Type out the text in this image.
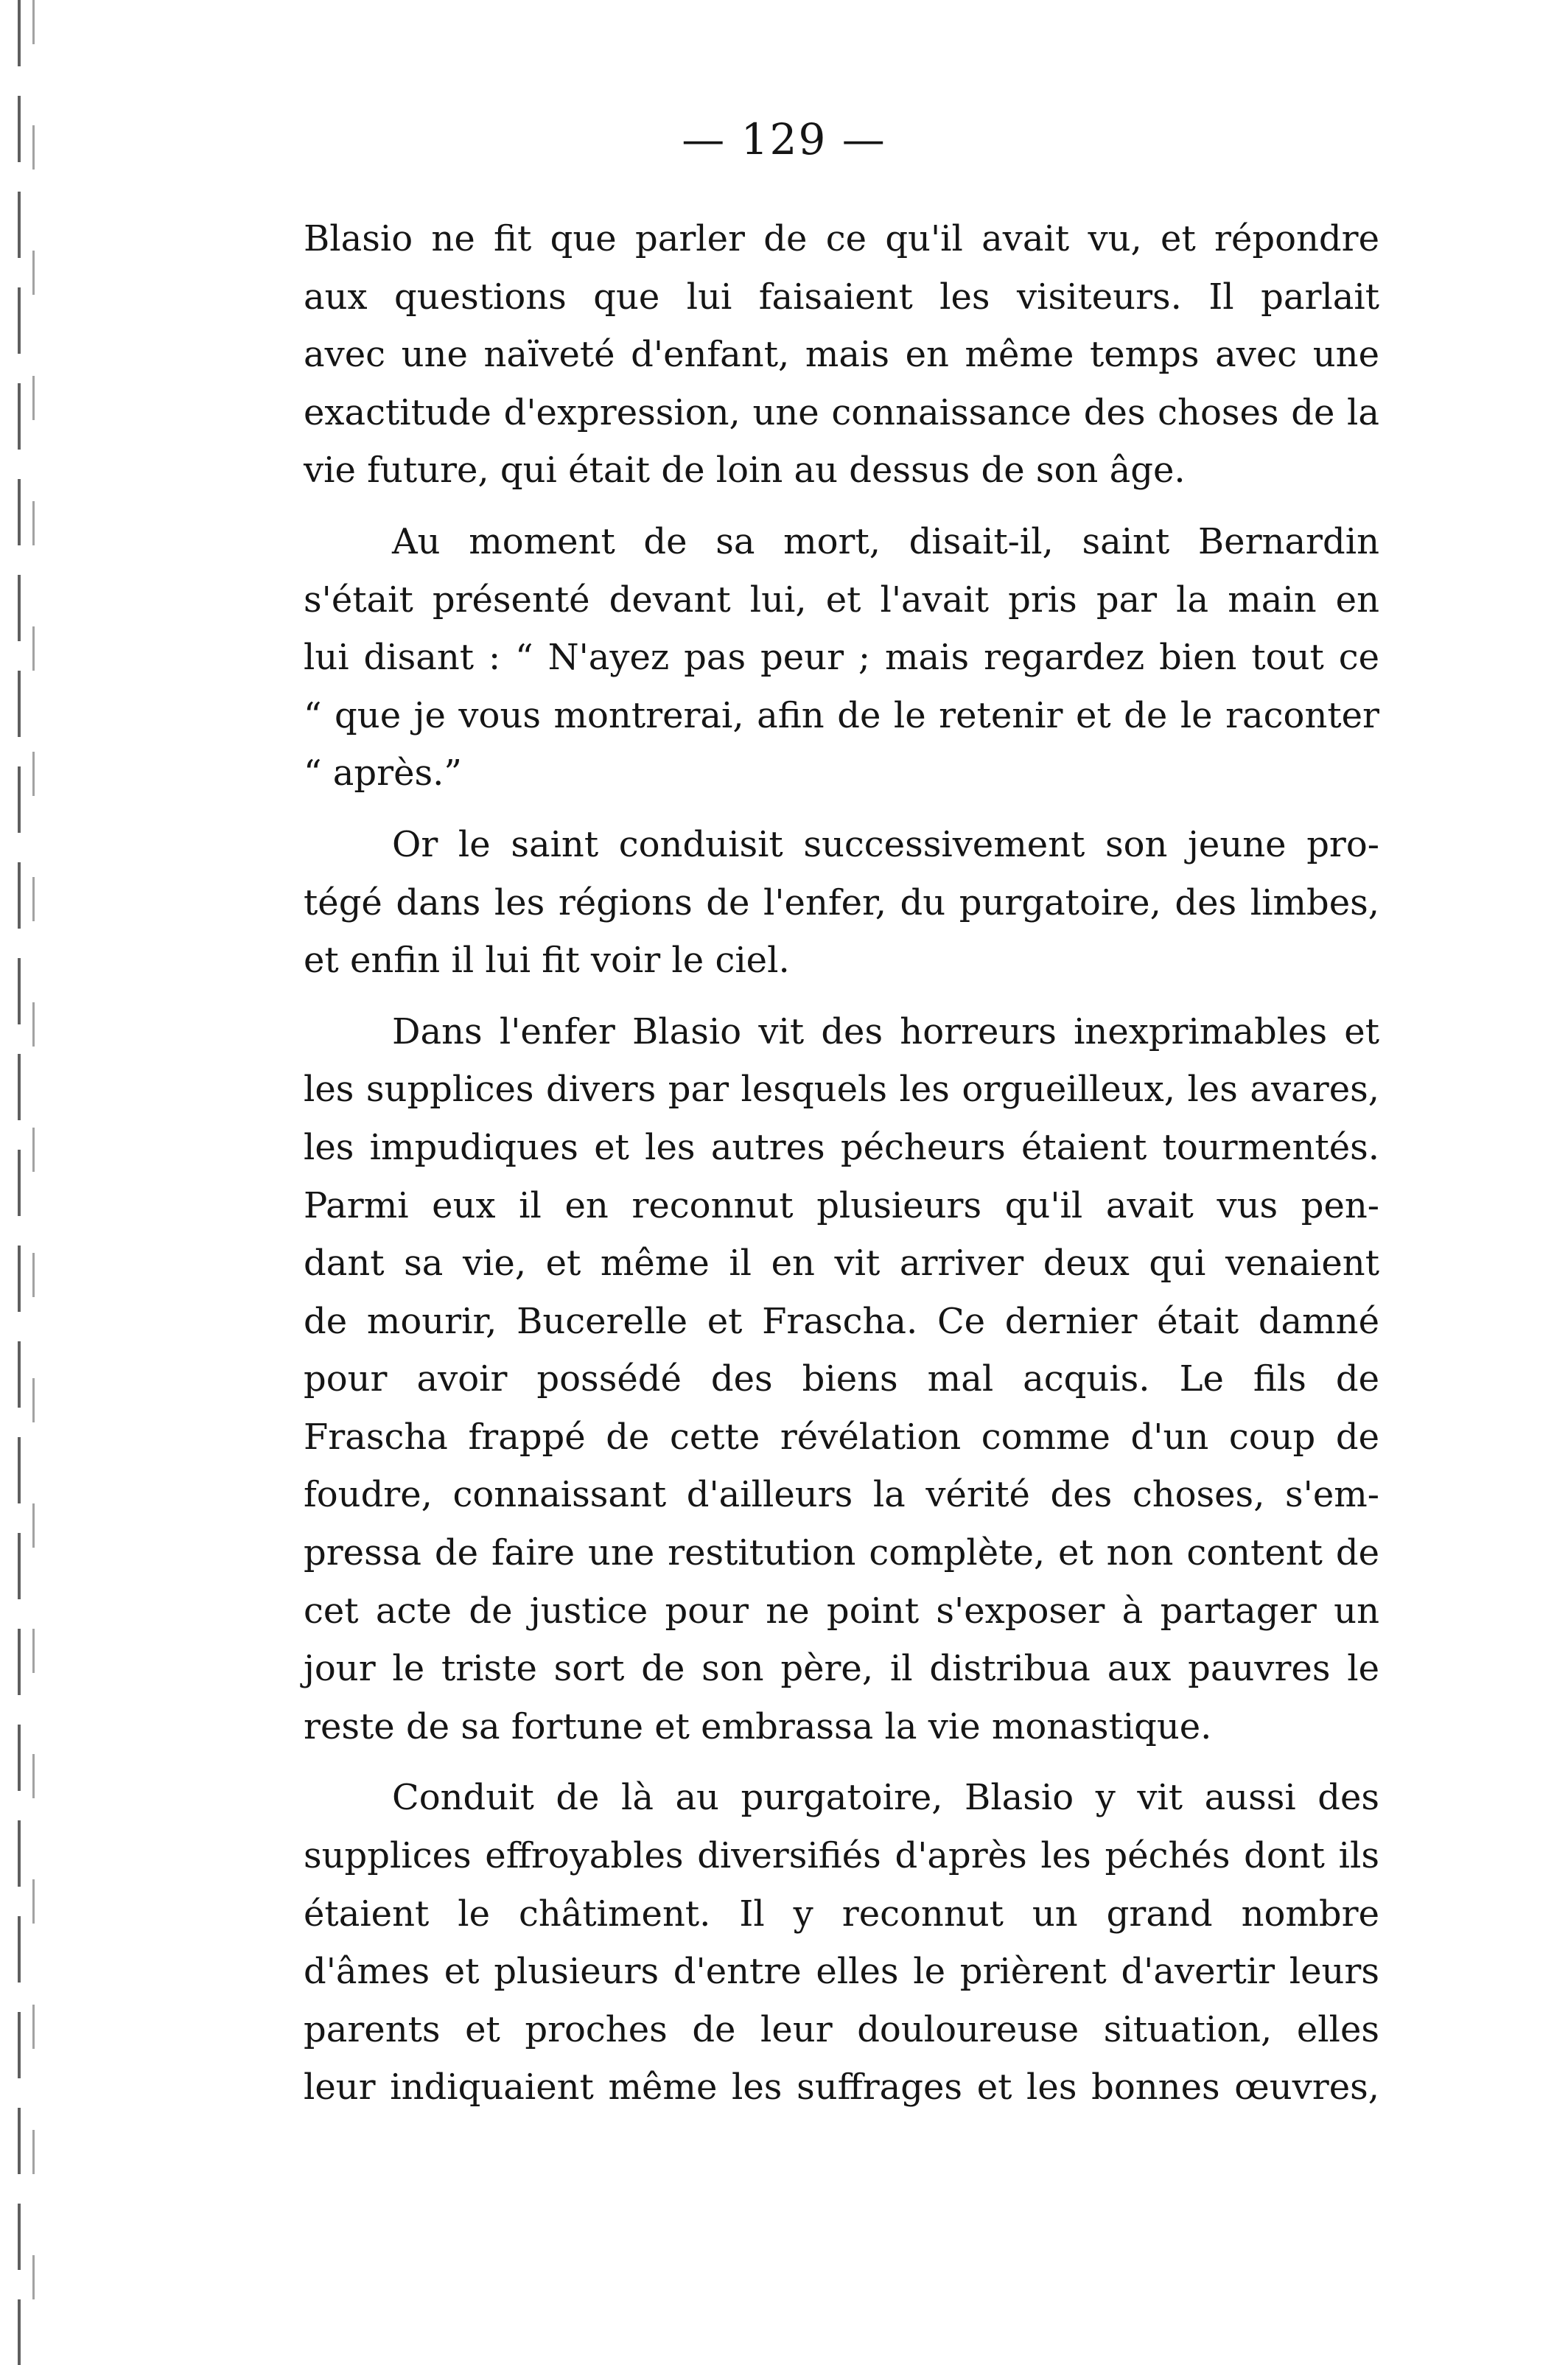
— 129 —

Blasio ne fit que parler de ce qu'il avait vu, et répondre
aux questions que lui faisaient les visiteurs. Il parlait
avec une naïveté d'enfant, mais en même temps avec une
exactitude d'expression, une connaissance des choses de la
vie future, qui était de loin au dessus de son âge.

Au moment de sa mort, disait-il, saint Bernardin
s'était présenté devant lui, et l'avait pris par la main en
lui disant : “ N'ayez pas peur ; mais regardez bien tout ce
“ que je vous montrerai, afin de le retenir et de le raconter
“ après.”

Or le saint conduisit successivement son jeune pro-
tégé dans les régions de l'enfer, du purgatoire, des limbes,
et enfin il lui fit voir le ciel.

Dans l'enfer Blasio vit des horreurs inexprimables et
les supplices divers par lesquels les orgueilleux, les avares,
les impudiques et les autres pécheurs étaient tourmentés.
Parmi eux il en reconnut plusieurs qu'il avait vus pen-
dant sa vie, et même il en vit arriver deux qui venaient
de mourir, Bucerelle et Frascha. Ce dernier était damné
pour avoir possédé des biens mal acquis. Le fils de
Frascha frappé de cette révélation comme d'un coup de
foudre, connaissant d'ailleurs la vérité des choses, s'em-
pressa de faire une restitution complète, et non content de
cet acte de justice pour ne point s'exposer à partager un
jour le triste sort de son père, il distribua aux pauvres le
reste de sa fortune et embrassa la vie monastique.

Conduit de là au purgatoire, Blasio y vit aussi des
supplices effroyables diversifiés d'après les péchés dont ils
étaient le châtiment. Il y reconnut un grand nombre
d'âmes et plusieurs d'entre elles le prièrent d'avertir leurs
parents et proches de leur douloureuse situation, elles
leur indiquaient même les suffrages et les bonnes œuvres,
